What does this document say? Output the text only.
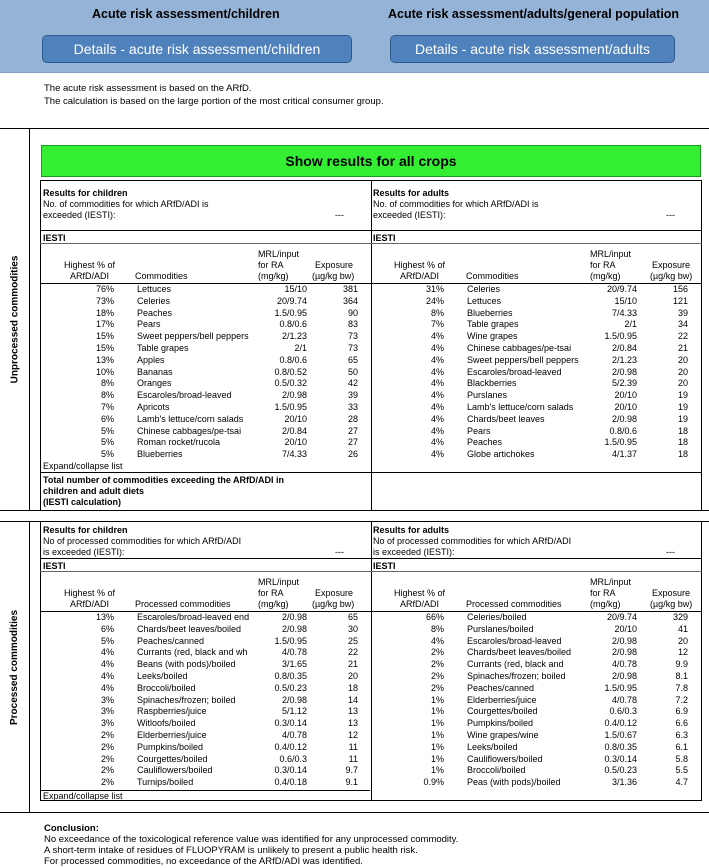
Acute risk assessment/children	Acute risk assessment/adults/general population
Details - acute risk assessment/children	Details - acute risk assessment/adults
The acute risk assessment is based on the ARfD.
The calculation is based on the large portion of the most critical consumer group.
Unprocessed commodities
Show results for all crops
Results for children
No. of commodities for which ARfD/ADI is
exceeded (IESTI):	---
IESTI
Highest % of
ARfD/ADI	Commodities
MRL/input
for RA
(mg/kg)
Exposure
(µg/kg bw)
Results for adults
No. of commodities for which ARfD/ADI is
exceeded (IESTI):	---
IESTI
Highest % of
ARfD/ADI	Commodities
MRL/input
for RA
(mg/kg)
Exposure
(µg/kg bw)
76%	Lettuces	15/10	381
73%	Celeries	20/9.74	364
18%	Peaches	1.5/0.95	90
17%	Pears	0.8/0.6	83
15%	Sweet peppers/bell peppers	2/1.23	73
15%	Table grapes	2/1	73
13%	Apples	0.8/0.6	65
10%	Bananas	0.8/0.52	50
8%	Oranges	0.5/0.32	42
8%	Escaroles/broad-leaved	2/0.98	39
7%	Apricots	1.5/0.95	33
6%	Lamb's lettuce/corn salads	20/10	28
5%	Chinese cabbages/pe-tsai	2/0.84	27
5%	Roman rocket/rucola	20/10	27
5%	Blueberries	7/4.33	26
31%	Celeries	20/9.74	156
24%	Lettuces	15/10	121
8%	Blueberries	7/4.33	39
7%	Table grapes	2/1	34
4%	Wine grapes	1.5/0.95	22
4%	Chinese cabbages/pe-tsai	2/0.84	21
4%	Sweet peppers/bell peppers	2/1.23	20
4%	Escaroles/broad-leaved	2/0.98	20
4%	Blackberries	5/2.39	20
4%	Purslanes	20/10	19
4%	Lamb's lettuce/corn salads	20/10	19
4%	Chards/beet leaves	2/0.98	19
4%	Pears	0.8/0.6	18
4%	Peaches	1.5/0.95	18
4%	Globe artichokes	4/1.37	18
Expand/collapse list
Total number of commodities exceeding the ARfD/ADI in
children and adult diets
(IESTI calculation)
Processed commodities
Results for children
No of processed commodities for which ARfD/ADI
is exceeded (IESTI):	---
IESTI
Highest % of
ARfD/ADI	Processed commodities
MRL/input
for RA
(mg/kg)
Exposure
(µg/kg bw)
Results for adults
No of processed commodities for which ARfD/ADI
is exceeded (IESTI):	---
IESTI
Highest % of
ARfD/ADI	Processed commodities
MRL/input
for RA
(mg/kg)
Exposure
(µg/kg bw)
13%	Escaroles/broad-leaved end	2/0.98	65
6%	Chards/beet leaves/boiled	2/0.98	30
5%	Peaches/canned	1.5/0.95	25
4%	Currants (red, black and wh	4/0.78	22
4%	Beans (with pods)/boiled	3/1.65	21
4%	Leeks/boiled	0.8/0.35	20
4%	Broccoli/boiled	0.5/0.23	18
3%	Spinaches/frozen; boiled	2/0.98	14
3%	Raspberries/juice	5/1.12	13
3%	Witloofs/boiled	0.3/0.14	13
2%	Elderberries/juice	4/0.78	12
2%	Pumpkins/boiled	0.4/0.12	11
2%	Courgettes/boiled	0.6/0.3	11
2%	Cauliflowers/boiled	0.3/0.14	9.7
2%	Turnips/boiled	0.4/0.18	9.1
66%	Celeries/boiled	20/9.74	329
8%	Purslanes/boiled	20/10	41
4%	Escaroles/broad-leaved	2/0.98	20
2%	Chards/beet leaves/boiled	2/0.98	12
2%	Currants (red, black and	4/0.78	9.9
2%	Spinaches/frozen; boiled	2/0.98	8.1
2%	Peaches/canned	1.5/0.95	7.8
1%	Elderberries/juice	4/0.78	7.2
1%	Courgettes/boiled	0.6/0.3	6.9
1%	Pumpkins/boiled	0.4/0.12	6.6
1%	Wine grapes/wine	1.5/0.67	6.3
1%	Leeks/boiled	0.8/0.35	6.1
1%	Cauliflowers/boiled	0.3/0.14	5.8
1%	Broccoli/boiled	0.5/0.23	5.5
0.9%	Peas (with pods)/boiled	3/1.36	4.7
Expand/collapse list
Conclusion:
No exceedance of the toxicological reference value was identified for any unprocessed commodity.
A short-term intake of residues of FLUOPYRAM is unlikely to present a public health risk.
For processed commodities, no exceedance of the ARfD/ADI was identified.
